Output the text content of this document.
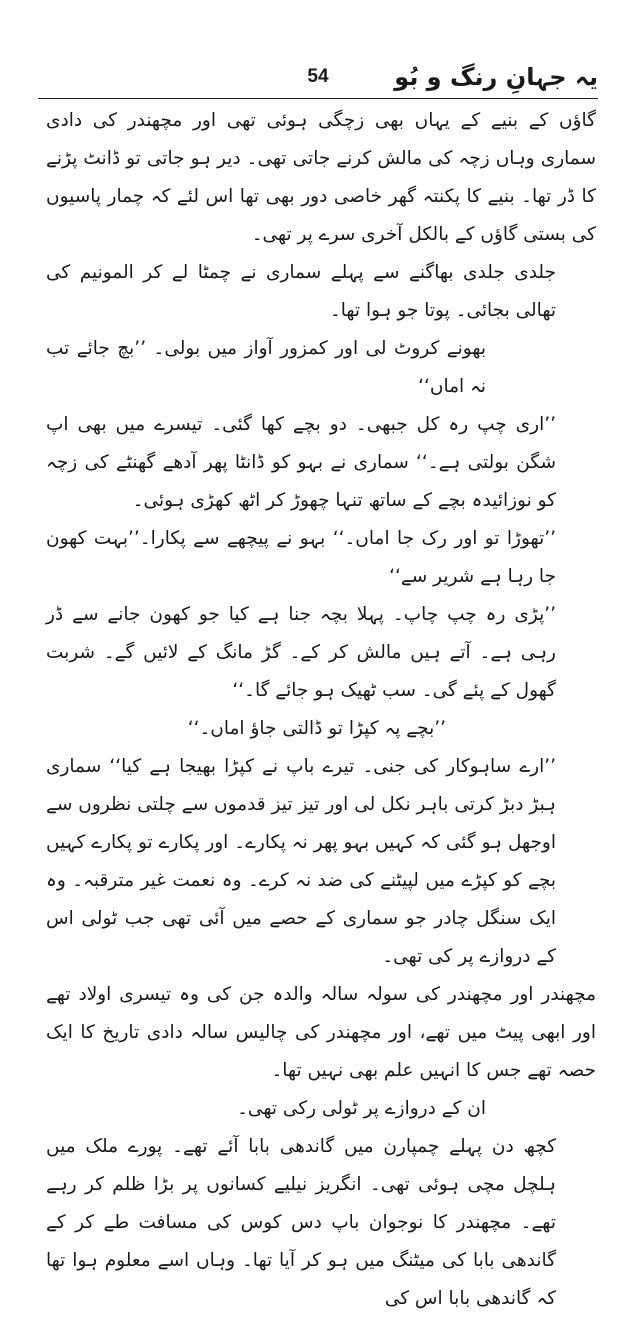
یہ جہانِ رنگ و بُو
54

گاؤں کے بنیے کے یہاں بھی زچگی ہوئی تھی اور مچھندر کی دادی سماری وہاں زچہ کی مالش کرنے جاتی تھی۔ دیر ہو جاتی تو ڈانٹ پڑنے کا ڈر تھا۔ بنیے کا پکنتہ گھر خاصی دور بھی تھا اس لئے کہ چمار پاسیوں کی بستی گاؤں کے بالکل آخری سرے پر تھی۔

جلدی جلدی بھاگنے سے پہلے سماری نے چمٹا لے کر المونیم کی تھالی بجائی۔ پوتا جو ہوا تھا۔

بھونے کروٹ لی اور کمزور آواز میں بولی۔ ’’بچ جائے تب نہ اماں‘‘

’’اری چپ رہ کل جبھی۔ دو بچے کھا گئی۔ تیسرے میں بھی اپ شگن بولتی ہے۔‘‘ سماری نے بہو کو ڈانٹا پھر آدھے گھنٹے کی زچہ کو نوزائیدہ بچے کے ساتھ تنہا چھوڑ کر اٹھ کھڑی ہوئی۔

’’تھوڑا تو اور رک جا اماں۔‘‘ بہو نے پیچھے سے پکارا۔’’بہت کھون جا رہا ہے شریر سے‘‘

’’پڑی رہ چپ چاپ۔ پہلا بچہ جنا ہے کیا جو کھون جانے سے ڈر رہی ہے۔ آتے ہیں مالش کر کے۔ گڑ مانگ کے لائیں گے۔ شربت گھول کے پئے گی۔ سب ٹھیک ہو جائے گا۔‘‘

’’بچے پہ کپڑا تو ڈالتی جاؤ اماں۔‘‘

’’ارے ساہوکار کی جنی۔ تیرے باپ نے کپڑا بھیجا ہے کیا‘‘ سماری ہبڑ دبڑ کرتی باہر نکل لی اور تیز تیز قدموں سے چلتی نظروں سے اوجھل ہو گئی کہ کہیں بہو پھر نہ پکارے۔ اور پکارے تو پکارے کہیں بچے کو کپڑے میں لپیٹنے کی ضد نہ کرے۔ وہ نعمت غیر مترقبہ۔ وہ ایک سنگل چادر جو سماری کے حصے میں آئی تھی جب ٹولی اس کے دروازے پر کی تھی۔

مچھندر اور مچھندر کی سولہ سالہ والدہ جن کی وہ تیسری اولاد تھے اور ابھی پیٹ میں تھے، اور مچھندر کی چالیس سالہ دادی تاریخ کا ایک حصہ تھے جس کا انہیں علم بھی نہیں تھا۔

ان کے دروازے پر ٹولی رکی تھی۔

کچھ دن پہلے چمپارن میں گاندھی بابا آئے تھے۔ پورے ملک میں ہلچل مچی ہوئی تھی۔ انگریز نیلیے کسانوں پر بڑا ظلم کر رہے تھے۔ مچھندر کا نوجوان باپ دس کوس کی مسافت طے کر کے گاندھی بابا کی میٹنگ میں ہو کر آیا تھا۔ وہاں اسے معلوم ہوا تھا کہ گاندھی بابا اس کی
